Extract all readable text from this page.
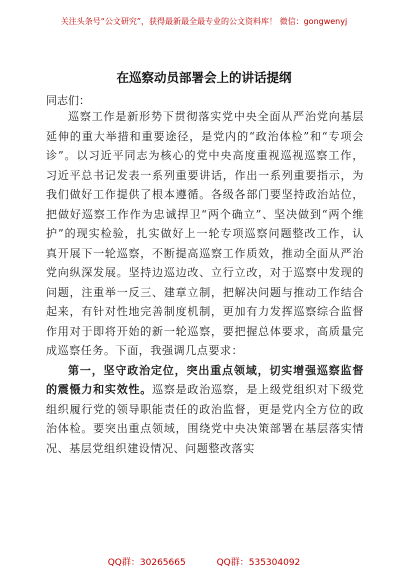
关注头条号“公文研究”，获得最新最全最专业的公文资料库！ 微信：gongwenyj
在巡察动员部署会上的讲话提纲
同志们：

巡察工作是新形势下贯彻落实党中央全面从严治党向基层延伸的重大举措和重要途径，是党内的“政治体检”和“专项会诊”。以习近平同志为核心的党中央高度重视巡视巡察工作，习近平总书记发表一系列重要讲话，作出一系列重要指示，为我们做好工作提供了根本遵循。各级各部门要坚持政治站位，把做好巡察工作作为忠诚捍卫“两个确立”、坚决做到“两个维护”的现实检验，扎实做好上一轮专项巡察问题整改工作，认真开展下一轮巡察，不断提高巡察工作质效，推动全面从严治党向纵深发展。坚持边巡边改、立行立改，对于巡察中发现的问题，注重举一反三、建章立制，把解决问题与推动工作结合起来，有针对性地完善制度机制，更加有力发挥巡察综合监督作用对于即将开始的新一轮巡察，要把握总体要求，高质量完成巡察任务。下面，我强调几点要求：

第一，坚守政治定位，突出重点领域，切实增强巡察监督的震慑力和实效性。巡察是政治巡察，是上级党组织对下级党组织履行党的领导职能责任的政治监督，更是党内全方位的政治体检。要突出重点领域，围绕党中央决策部署在基层落实情况、基层党组织建设情况、问题整改落实

QQ群：30265665	QQ群：535304092
